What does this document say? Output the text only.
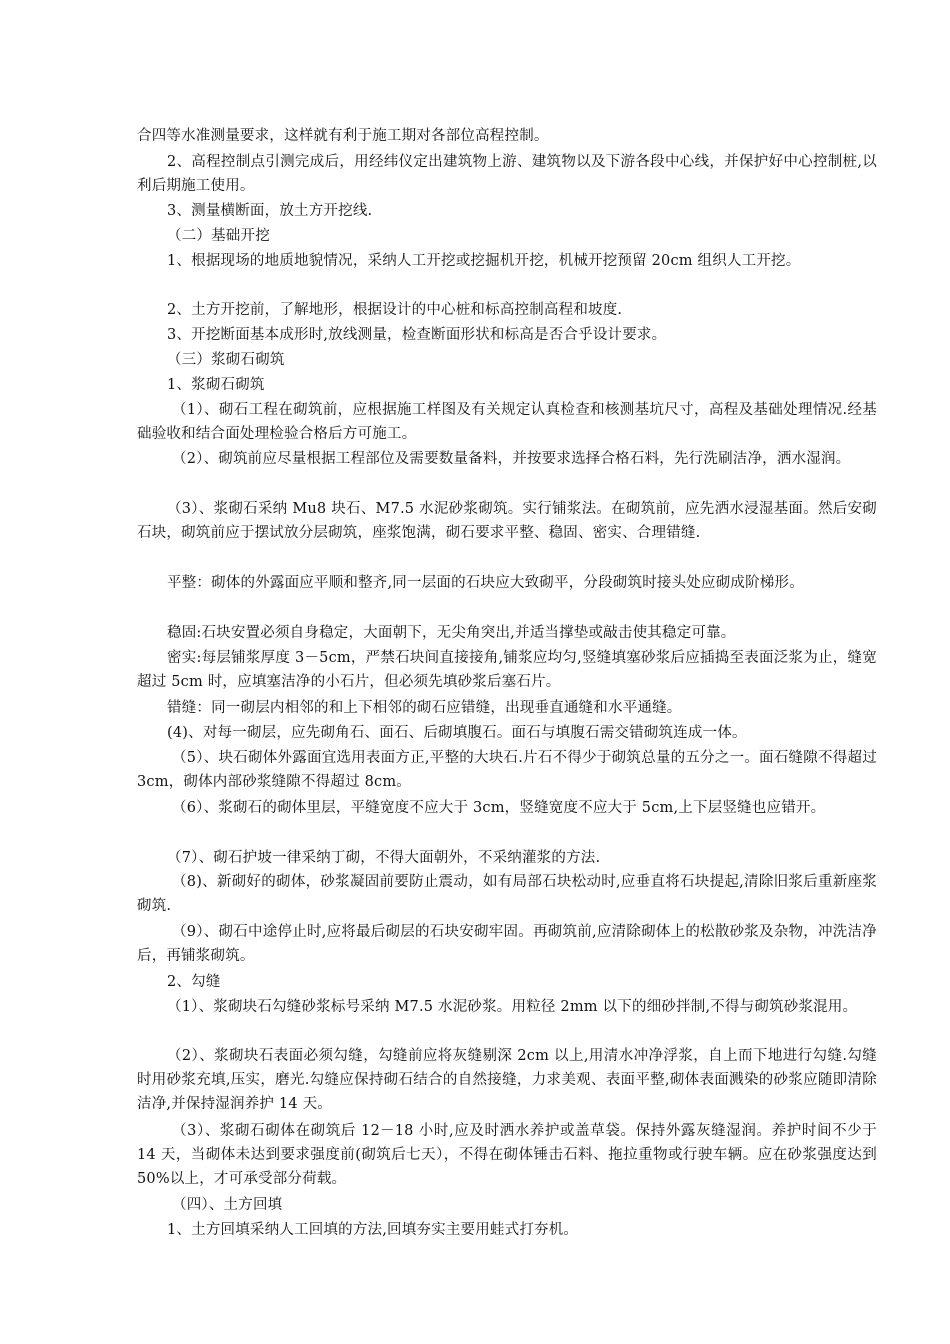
合四等水准测量要求，这样就有利于施工期对各部位高程控制。

2、高程控制点引测完成后，用经纬仪定出建筑物上游、建筑物以及下游各段中心线，并保护好中心控制桩,以利后期施工使用。

3、测量横断面，放土方开挖线.

（二）基础开挖

1、根据现场的地质地貌情况，采纳人工开挖或挖掘机开挖，机械开挖预留 20cm 组织人工开挖。

2、土方开挖前，了解地形，根据设计的中心桩和标高控制高程和坡度.

3、开挖断面基本成形时,放线测量，检查断面形状和标高是否合乎设计要求。

（三）浆砌石砌筑

1、浆砌石砌筑

（1）、砌石工程在砌筑前，应根据施工样图及有关规定认真检查和核测基坑尺寸，高程及基础处理情况.经基础验收和结合面处理检验合格后方可施工。

（2）、砌筑前应尽量根据工程部位及需要数量备料，并按要求选择合格石料，先行洗刷洁净，洒水湿润。

（3）、浆砌石采纳 Mu8 块石、M7.5 水泥砂浆砌筑。实行铺浆法。在砌筑前，应先洒水浸湿基面。然后安砌石块，砌筑前应于摆试放分层砌筑，座浆饱满，砌石要求平整、稳固、密实、合理错缝.

平整：砌体的外露面应平顺和整齐,同一层面的石块应大致砌平，分段砌筑时接头处应砌成阶梯形。

稳固:石块安置必须自身稳定，大面朝下，无尖角突出,并适当撑垫或敲击使其稳定可靠。

密实:每层铺浆厚度 3－5cm，严禁石块间直接接角,铺浆应均匀,竖缝填塞砂浆后应插捣至表面泛浆为止，缝宽超过 5cm 时，应填塞洁净的小石片，但必须先填砂浆后塞石片。

错缝：同一砌层内相邻的和上下相邻的砌石应错缝，出现垂直通缝和水平通缝。

(4)、对每一砌层，应先砌角石、面石、后砌填腹石。面石与填腹石需交错砌筑连成一体。

（5）、块石砌体外露面宜选用表面方正,平整的大块石.片石不得少于砌筑总量的五分之一。面石缝隙不得超过 3cm，砌体内部砂浆缝隙不得超过 8cm。

（6）、浆砌石的砌体里层，平缝宽度不应大于 3cm，竖缝宽度不应大于 5cm,上下层竖缝也应错开。

（7）、砌石护坡一律采纳丁砌，不得大面朝外，不采纳灌浆的方法.

（8)、新砌好的砌体，砂浆凝固前要防止震动，如有局部石块松动时,应垂直将石块提起,清除旧浆后重新座浆砌筑.

（9）、砌石中途停止时,应将最后砌层的石块安砌牢固。再砌筑前,应清除砌体上的松散砂浆及杂物，冲洗洁净后，再铺浆砌筑。

2、勾缝

（1）、浆砌块石勾缝砂浆标号采纳 M7.5 水泥砂浆。用粒径 2mm 以下的细砂拌制,不得与砌筑砂浆混用。

（2）、浆砌块石表面必须勾缝，勾缝前应将灰缝剔深 2cm 以上,用清水冲净浮浆，自上而下地进行勾缝.勾缝时用砂浆充填,压实，磨光.勾缝应保持砌石结合的自然接缝，力求美观、表面平整,砌体表面溅染的砂浆应随即清除洁净,并保持湿润养护 14 天。

（3）、浆砌石砌体在砌筑后 12－18 小时,应及时洒水养护或盖草袋。保持外露灰缝湿润。养护时间不少于 14 天，当砌体未达到要求强度前(砌筑后七天），不得在砌体锤击石料、拖拉重物或行驶车辆。应在砂浆强度达到 50%以上，才可承受部分荷载。

（四）、土方回填

1、土方回填采纳人工回填的方法,回填夯实主要用蛙式打夯机。
